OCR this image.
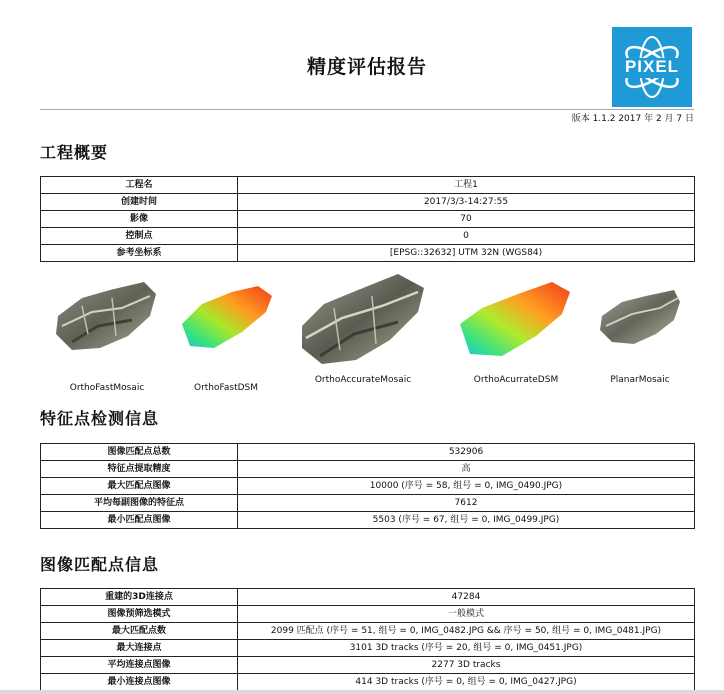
精度评估报告	PIXEL
版本 1.1.2 2017 年 2 月 7 日
工程概要
工程名	工程1
创建时间	2017/3/3-14:27:55
影像	70
控制点	0
参考坐标系	[EPSG::32632] UTM 32N (WGS84)
OrthoFastMosaic	OrthoFastDSM
OrthoAccurateMosaic	OrthoAcurrateDSM	PlanarMosaic
特征点检测信息
图像匹配点总数	532906
特征点提取精度	高
最大匹配点图像	10000 (序号 = 58, 组号 = 0, IMG_0490.JPG)
平均每副图像的特征点	7612
最小匹配点图像	5503 (序号 = 67, 组号 = 0, IMG_0499.JPG)
图像匹配点信息
重建的3D连接点	47284
图像预筛选模式	一般模式
最大匹配点数	2099 匹配点 (序号 = 51, 组号 = 0, IMG_0482.JPG && 序号 = 50, 组号 = 0, IMG_0481.JPG)
最大连接点	3101 3D tracks (序号 = 20, 组号 = 0, IMG_0451.JPG)
平均连接点图像	2277 3D tracks
最小连接点图像	414 3D tracks (序号 = 0, 组号 = 0, IMG_0427.JPG)
